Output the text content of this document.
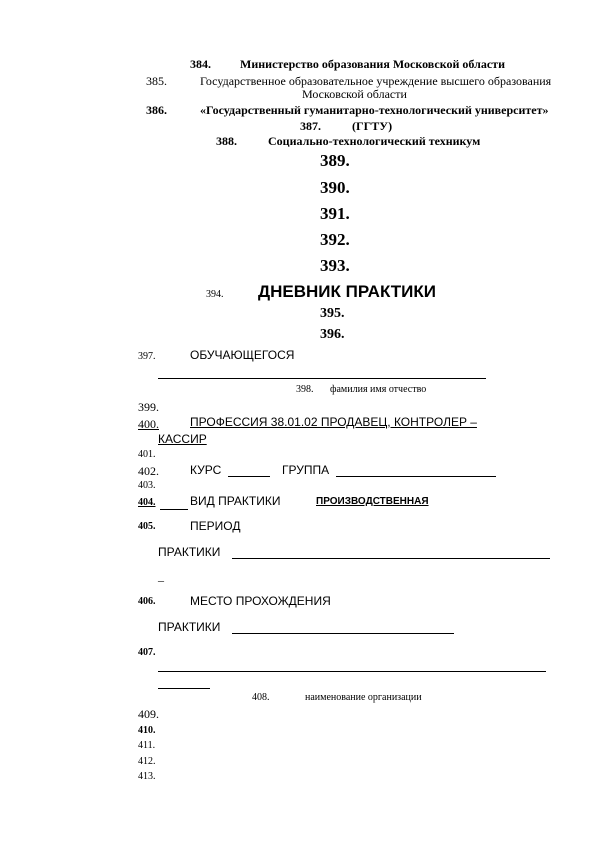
384. Министерство образования Московской области
385.	Государственное образовательное учреждение высшего образования
Московской области
386.	«Государственный гуманитарно-технологический университет»
387.	(ГГТУ)
388.	Социально-технологический техникум
389.
390.
391.
392.
393.
394. ДНЕВНИК ПРАКТИКИ
395.
396.
397.	ОБУЧАЮЩЕГОСЯ
398. фамилия имя отчество
399.
400.	ПРОФЕССИЯ 38.01.02 ПРОДАВЕЦ, КОНТРОЛЕР –
КАССИР
401.
402.	КУРС	ГРУППА
403.
404.	ВИД ПРАКТИКИ	ПРОИЗВОДСТВЕННАЯ
405.	ПЕРИОД
ПРАКТИКИ
_
406.	МЕСТО ПРОХОЖДЕНИЯ
ПРАКТИКИ
407.
408.	наименование организации
409.
410.
411.
412.
413.
